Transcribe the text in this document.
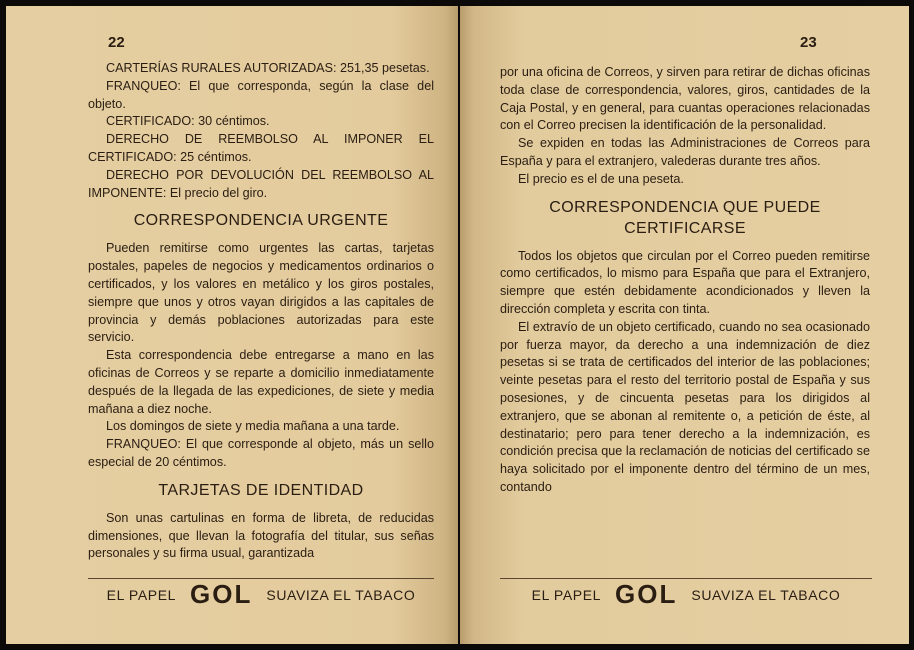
22

CARTERÍAS RURALES AUTORIZADAS: 251,35 pesetas.

FRANQUEO: El que corresponda, según la clase del objeto.

CERTIFICADO: 30 céntimos.

DERECHO DE REEMBOLSO AL IMPONER EL CERTIFICADO: 25 céntimos.

DERECHO POR DEVOLUCIÓN DEL REEMBOLSO AL IMPONENTE: El precio del giro.

CORRESPONDENCIA URGENTE

Pueden remitirse como urgentes las cartas, tarjetas postales, papeles de negocios y medicamentos ordinarios o certificados, y los valores en metálico y los giros postales, siempre que unos y otros vayan dirigidos a las capitales de provincia y demás poblaciones autorizadas para este servicio.

Esta correspondencia debe entregarse a mano en las oficinas de Correos y se reparte a domicilio inmediatamente después de la llegada de las expediciones, de siete y media mañana a diez noche.

Los domingos de siete y media mañana a una tarde.

FRANQUEO: El que corresponde al objeto, más un sello especial de 20 céntimos.

TARJETAS DE IDENTIDAD

Son unas cartulinas en forma de libreta, de reducidas dimensiones, que llevan la fotografía del titular, sus señas personales y su firma usual, garantizada

EL PAPEL GOL SUAVIZA EL TABACO
23

por una oficina de Correos, y sirven para retirar de dichas oficinas toda clase de correspondencia, valores, giros, cantidades de la Caja Postal, y en general, para cuantas operaciones relacionadas con el Correo precisen la identificación de la personalidad.

Se expiden en todas las Administraciones de Correos para España y para el extranjero, valederas durante tres años.

El precio es el de una peseta.

CORRESPONDENCIA QUE PUEDE CERTIFICARSE

Todos los objetos que circulan por el Correo pueden remitirse como certificados, lo mismo para España que para el Extranjero, siempre que estén debidamente acondicionados y lleven la dirección completa y escrita con tinta.

El extravío de un objeto certificado, cuando no sea ocasionado por fuerza mayor, da derecho a una indemnización de diez pesetas si se trata de certificados del interior de las poblaciones; veinte pesetas para el resto del territorio postal de España y sus posesiones, y de cincuenta pesetas para los dirigidos al extranjero, que se abonan al remitente o, a petición de éste, al destinatario; pero para tener derecho a la indemnización, es condición precisa que la reclamación de noticias del certificado se haya solicitado por el imponente dentro del término de un mes, contando

EL PAPEL GOL SUAVIZA EL TABACO
